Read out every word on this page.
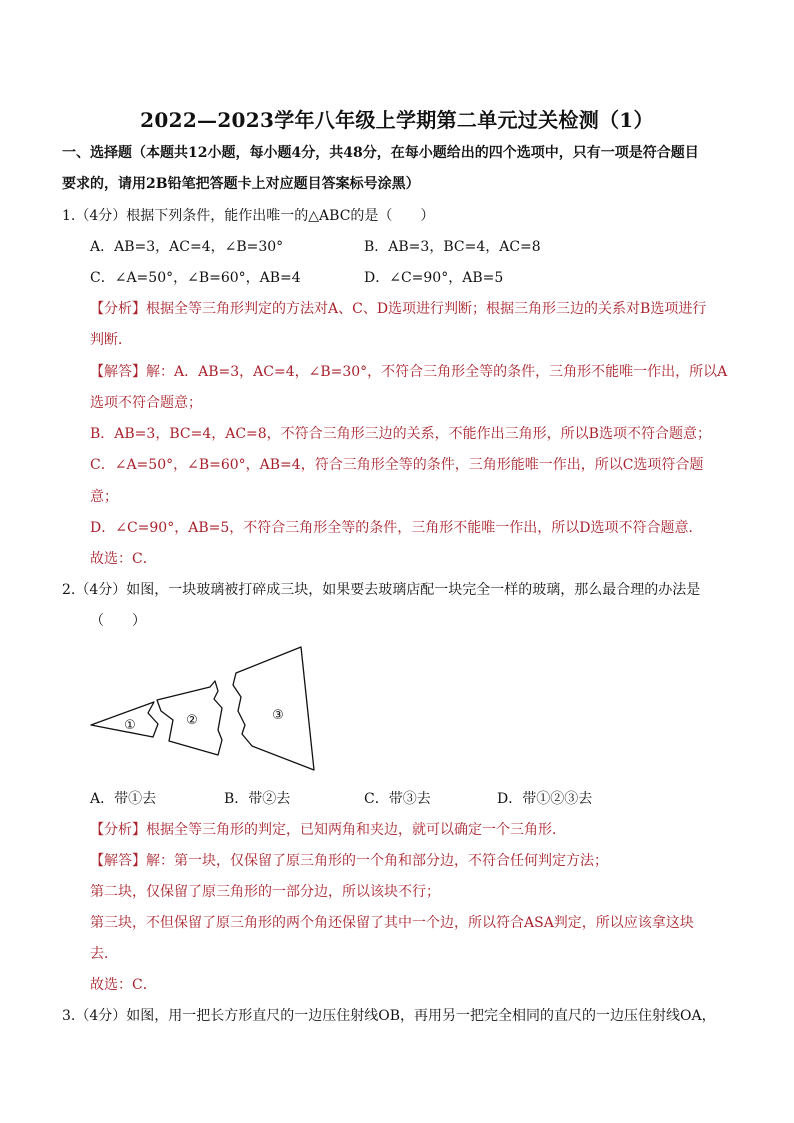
2022—2023学年八年级上学期第二单元过关检测（1）
一、选择题（本题共12小题，每小题4分，共48分，在每小题给出的四个选项中，只有一项是符合题目
要求的，请用2B铅笔把答题卡上对应题目答案标号涂黑）
1.（4分）根据下列条件，能作出唯一的△ABC的是（　　）
A．AB=3，AC=4，∠B=30°	B．AB=3，BC=4，AC=8
C．∠A=50°，∠B=60°，AB=4	D．∠C=90°，AB=5
【分析】根据全等三角形判定的方法对A、C、D选项进行判断；根据三角形三边的关系对B选项进行
判断．
【解答】解：A．AB=3，AC=4，∠B=30°，不符合三角形全等的条件，三角形不能唯一作出，所以A
选项不符合题意；
B．AB=3，BC=4，AC=8，不符合三角形三边的关系，不能作出三角形，所以B选项不符合题意；
C．∠A=50°，∠B=60°，AB=4，符合三角形全等的条件，三角形能唯一作出，所以C选项符合题
意；
D．∠C=90°，AB=5，不符合三角形全等的条件，三角形不能唯一作出，所以D选项不符合题意．
故选：C．
2.（4分）如图，一块玻璃被打碎成三块，如果要去玻璃店配一块完全一样的玻璃，那么最合理的办法是
（　　）
①	②	③
A．带①去	B．带②去	C．带③去	D．带①②③去
【分析】根据全等三角形的判定，已知两角和夹边，就可以确定一个三角形．
【解答】解：第一块，仅保留了原三角形的一个角和部分边，不符合任何判定方法；
第二块，仅保留了原三角形的一部分边，所以该块不行；
第三块，不但保留了原三角形的两个角还保留了其中一个边，所以符合ASA判定，所以应该拿这块
去．
故选：C．
3.（4分）如图，用一把长方形直尺的一边压住射线OB，再用另一把完全相同的直尺的一边压住射线OA，
